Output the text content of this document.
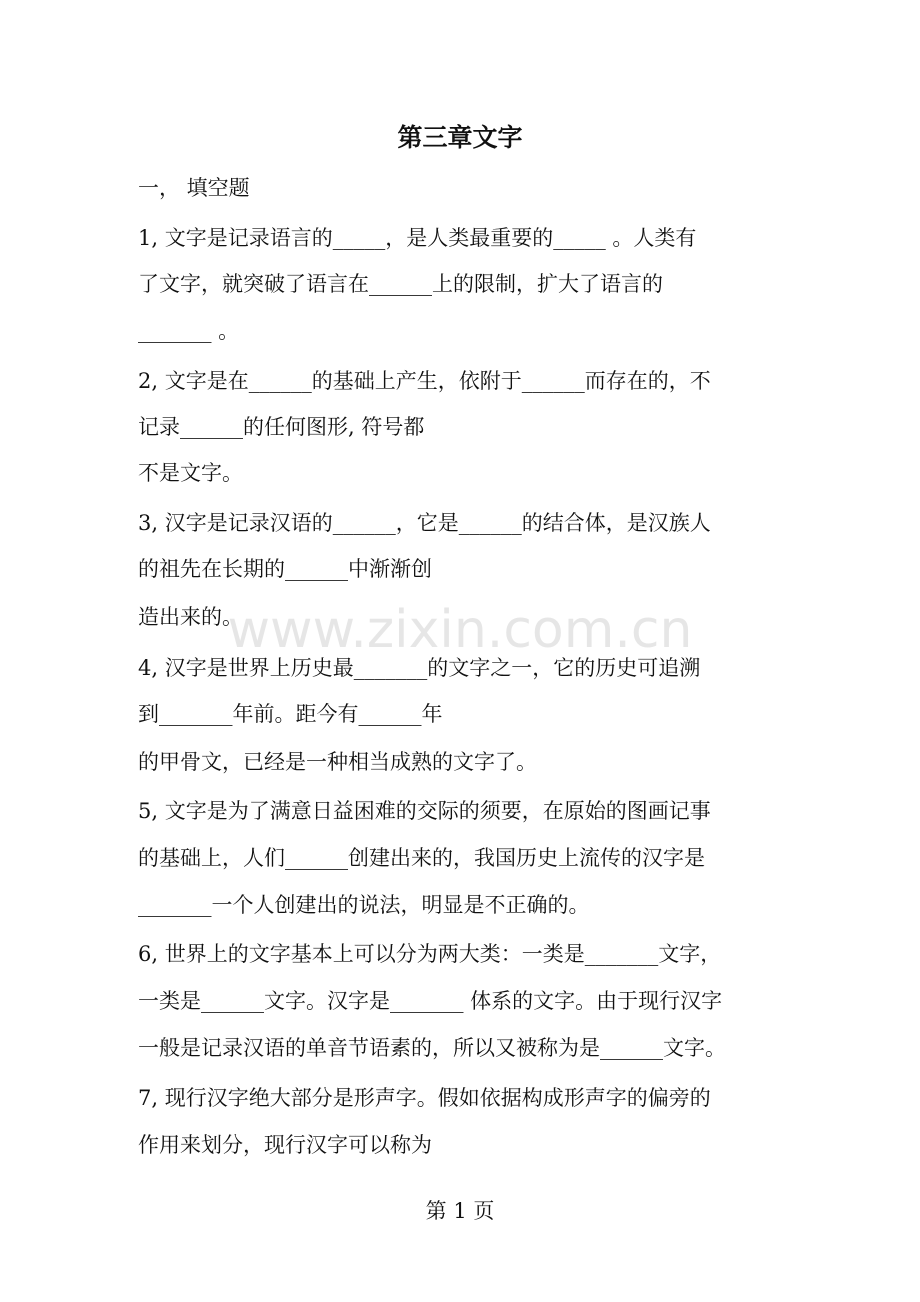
第三章文字
一， 填空题
1, 文字是记录语言的_____，是人类最重要的_____ 。人类有
了文字，就突破了语言在______上的限制，扩大了语言的
_______ 。
2, 文字是在______的基础上产生，依附于______而存在的，不
记录______的任何图形, 符号都
不是文字。
3, 汉字是记录汉语的______，它是______的结合体，是汉族人
的祖先在长期的______中渐渐创
造出来的。
4, 汉字是世界上历史最_______的文字之一，它的历史可追溯
到_______年前。距今有______年
的甲骨文，已经是一种相当成熟的文字了。
5, 文字是为了满意日益困难的交际的须要，在原始的图画记事
的基础上，人们______创建出来的，我国历史上流传的汉字是
_______一个人创建出的说法，明显是不正确的。
6, 世界上的文字基本上可以分为两大类：一类是_______文字，
一类是______文字。汉字是_______ 体系的文字。由于现行汉字
一般是记录汉语的单音节语素的，所以又被称为是______文字。
7, 现行汉字绝大部分是形声字。假如依据构成形声字的偏旁的
作用来划分，现行汉字可以称为
www.zixin.com.cn
第 1 页
